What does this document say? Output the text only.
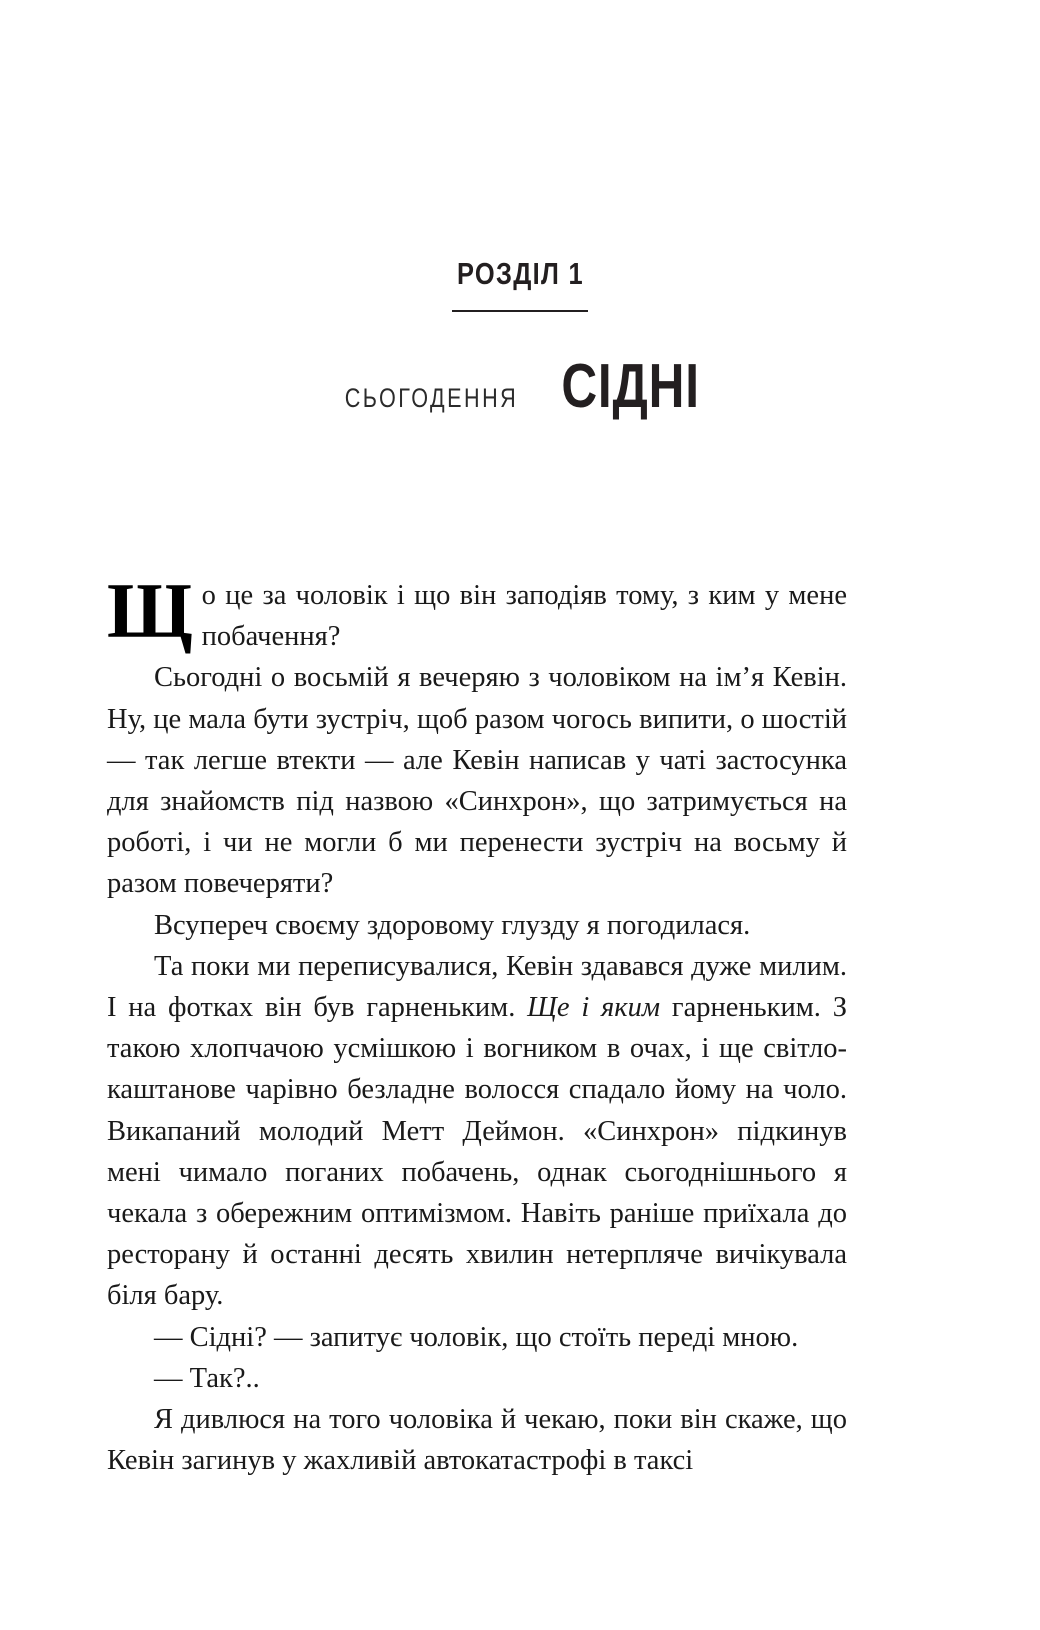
РОЗДІЛ 1
СЬОГОДЕННЯ СІДНІ

Що це за чоловік і що він заподіяв тому, з ким у мене побачення?

Сьогодні о восьмій я вечеряю з чоловіком на ім’я Кевін. Ну, це мала бути зустріч, щоб разом чогось випити, о шостій — так легше втекти — але Кевін написав у чаті застосунка для знайомств під назвою «Синхрон», що затримується на роботі, і чи не могли б ми перенести зустріч на восьму й разом повечеряти?

Всупереч своєму здоровому глузду я погодилася.

Та поки ми переписувалися, Кевін здавався дуже милим. І на фотках він був гарненьким. Ще і яким гарненьким. З такою хлопчачою усмішкою і вогником в очах, і ще світло-каштанове чарівно безладне волосся спадало йому на чоло. Викапаний молодий Метт Деймон. «Синхрон» підкинув мені чимало поганих побачень, однак сьогоднішнього я чекала з обережним оптимізмом. Навіть раніше приїхала до ресторану й останні десять хвилин нетерпляче вичікувала біля бару.

— Сідні? — запитує чоловік, що стоїть переді мною.

— Так?..

Я дивлюся на того чоловіка й чекаю, поки він скаже, що Кевін загинув у жахливій автокатастрофі в таксі
